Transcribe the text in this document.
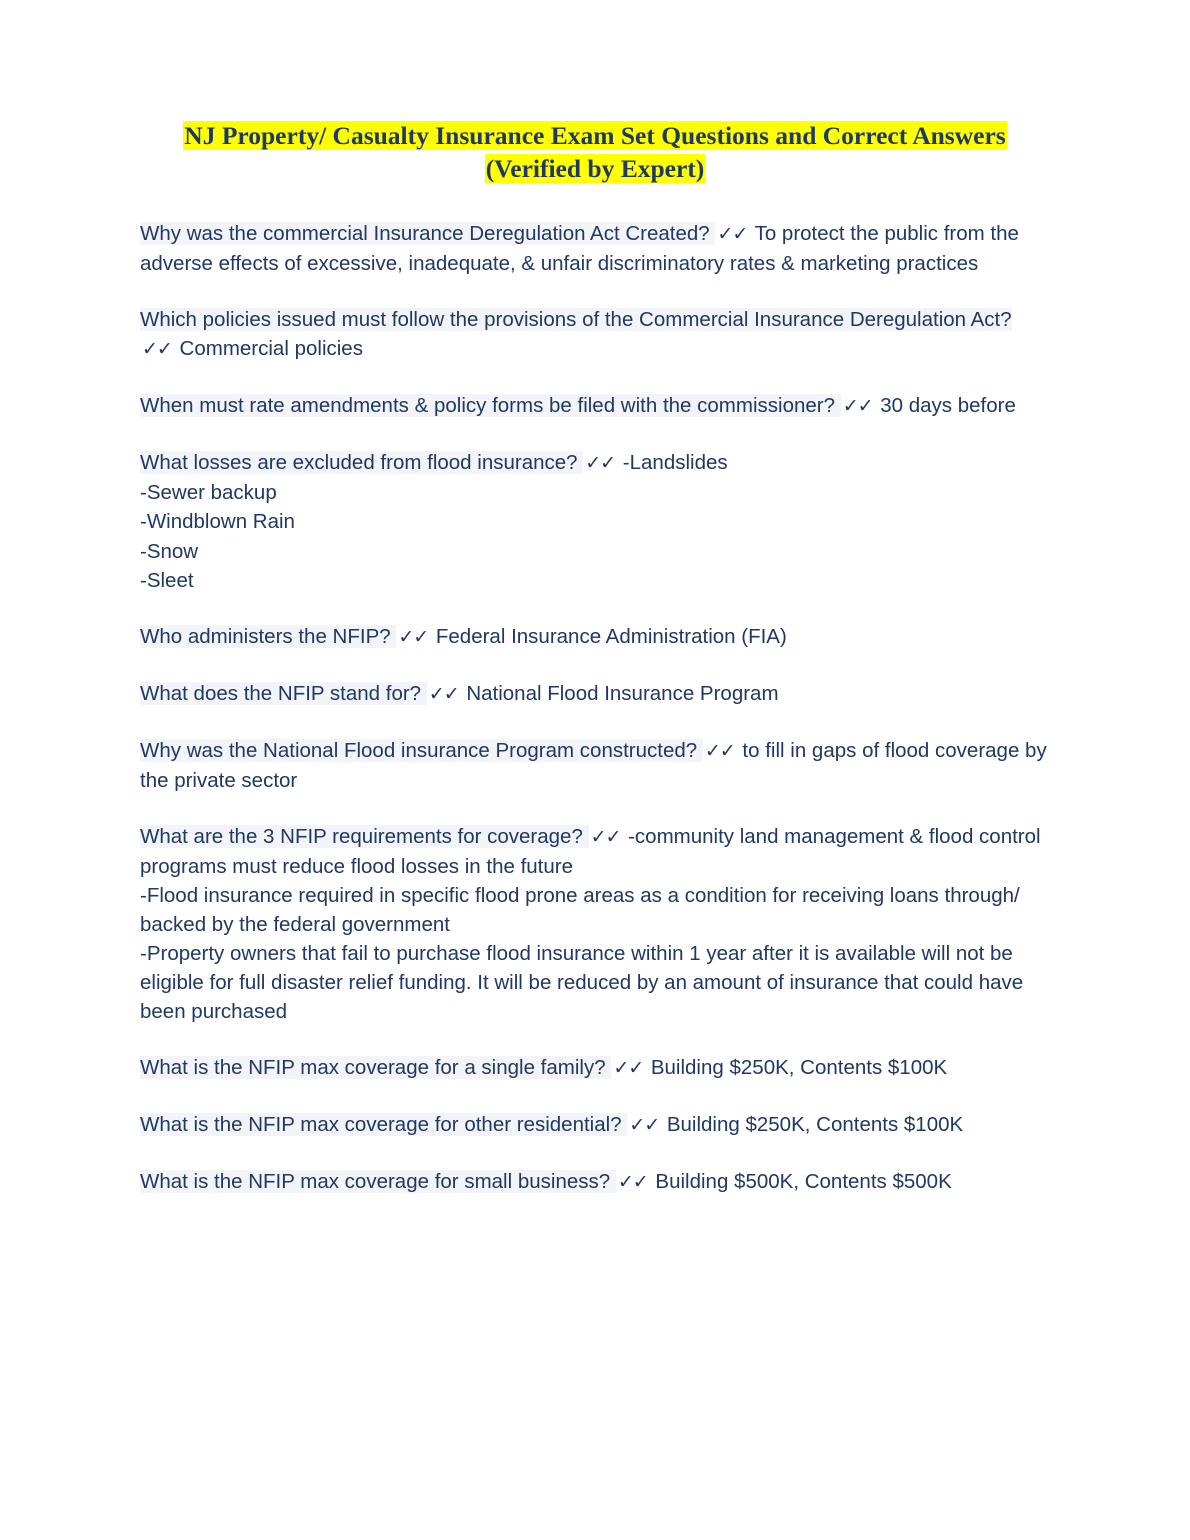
NJ Property/ Casualty Insurance Exam Set Questions and Correct Answers
(Verified by Expert)

Why was the commercial Insurance Deregulation Act Created? ✓✓ To protect the public from the adverse effects of excessive, inadequate, & unfair discriminatory rates & marketing practices

Which policies issued must follow the provisions of the Commercial Insurance Deregulation Act? ✓✓ Commercial policies

When must rate amendments & policy forms be filed with the commissioner? ✓✓ 30 days before

What losses are excluded from flood insurance? ✓✓ -Landslides
-Sewer backup
-Windblown Rain
-Snow
-Sleet

Who administers the NFIP? ✓✓ Federal Insurance Administration (FIA)

What does the NFIP stand for? ✓✓ National Flood Insurance Program

Why was the National Flood insurance Program constructed? ✓✓ to fill in gaps of flood coverage by the private sector

What are the 3 NFIP requirements for coverage? ✓✓ -community land management & flood control programs must reduce flood losses in the future
-Flood insurance required in specific flood prone areas as a condition for receiving loans through/ backed by the federal government
-Property owners that fail to purchase flood insurance within 1 year after it is available will not be eligible for full disaster relief funding. It will be reduced by an amount of insurance that could have been purchased

What is the NFIP max coverage for a single family? ✓✓ Building $250K, Contents $100K

What is the NFIP max coverage for other residential? ✓✓ Building $250K, Contents $100K

What is the NFIP max coverage for small business? ✓✓ Building $500K, Contents $500K
